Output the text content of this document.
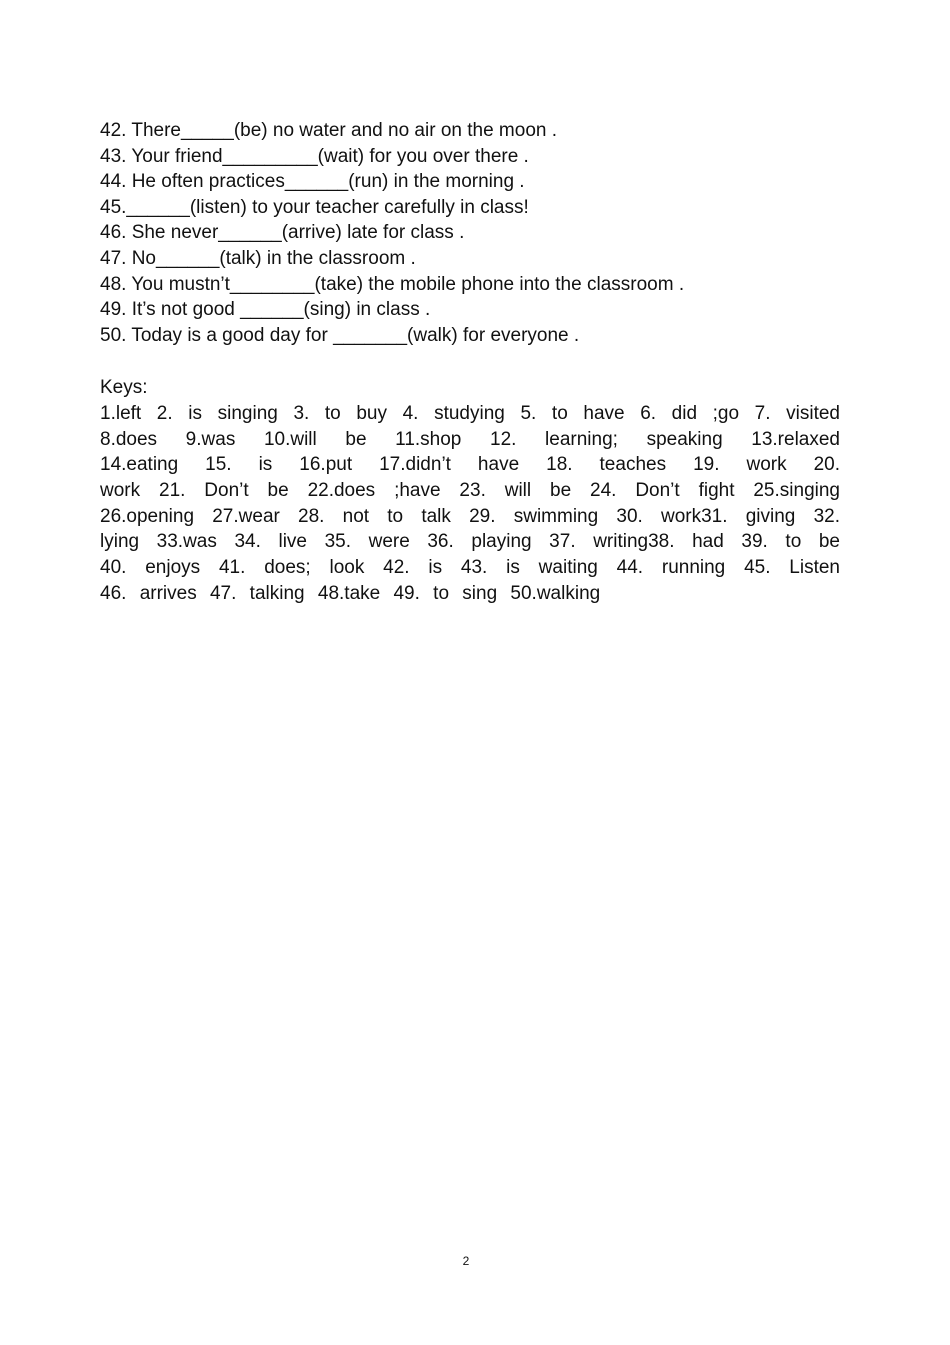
42. There_____(be) no water and no air on the moon .
43. Your friend_________(wait) for you over there .
44. He often practices______(run) in the morning .
45.______(listen) to your teacher carefully in class!
46. She never______(arrive) late for class .
47. No______(talk) in the classroom .
48. You mustn’t________(take) the mobile phone into the classroom .
49. It’s not good ______(sing) in class .
50. Today is a good day for _______(walk) for everyone .
Keys:
1.left 2. is singing 3. to buy 4. studying 5. to have 6. did ;go 7. visited
8.does 9.was 10.will be 11.shop 12. learning; speaking 13.relaxed
14.eating 15. is 16.put 17.didn’t have 18. teaches 19. work 20.
work 21. Don’t be 22.does ;have 23. will be 24. Don’t fight 25.singing
26.opening 27.wear 28. not to talk 29. swimming 30. work31. giving 32.
lying 33.was 34. live 35. were 36. playing 37. writing38. had 39. to be
40. enjoys 41. does; look 42. is 43. is waiting 44. running 45. Listen
46. arrives 47. talking 48.take 49. to sing 50.walking
2
